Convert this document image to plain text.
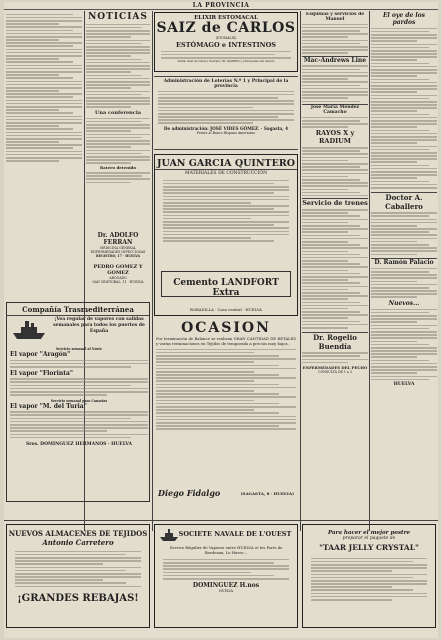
LA PROVINCIA
Dr. ADOLFO FERRAN
MEDICINA GENERAL
ENFERMEDADES INFECCIOSAS
REGISTRO, 17 · HUELVA
PEDRO GOMEZ Y GOMEZ
ABOGADO
SAN CRISTOBAL, 11 · HUELVA
Compañía Trasmediterránea
¡Vea regular de vapores con salidas semanales para todos los puertos de España
Servicio semanal al Norte
El vapor "Aragón"
El vapor "Florinta"
Servicio semanal para Canarias
El vapor "M. del Turia"
Sres. DOMINGUEZ HERMANOS · HUELVA
NOTICIAS
Una conferencia
Ratero detenido
ELIXIR ESTOMACAL
SAIZ de CARLOS
(STOMALIX)
ESTÓMAGO e INTESTINOS
Venta: Saiz de Carlos, Serrano 30, MADRID y principales del mundo
Administración de Loterías N.º 1 y Principal de la provincia
De administración: JOSÉ VIDES GÓMEZ. · Sagasta, 4
Frente al Banco Hispano Americano
JUAN GARCIA QUINTERO
MATERIALES DE CONSTRUCCIÓN
Cemento LANDFORT Extra
BOBADILLA · Casa central · HUELVA
OCASION
Por terminación de Balance se realizan GRAN CANTIDAD DE RETALES y varias terminaciones en Tejidos de temporada a precios muy bajos.
Diego Fidalgo	(SAGASTA, 8 · HUELVA)
Esquinas y servicios de Manuel
Mac-Andrews Line
José María Méndez Camacho
RAYOS X y RADIUM
Servicio de trenes
Dr. Rogelio Buendía
ENFERMEDADES DEL PECHO
CONSULTA DE 1 a 3
El oye de los pardos
Doctor A. Caballero
D. Ramón Palacio
Nuevos...
HUELVA
NUEVOS ALMACENES DE TEJIDOS
Antonio Carretero
¡GRANDES REBAJAS!
SOCIETE NAVALE DE L'OUEST
Service Régulier de Vapeurs entre HUELVA et les Ports de Bordeaux, Le Havre...
DOMINGUEZ H.nos
HUELVA
Para hacer el mejor postre
preparar el paquete de
"TAAR JELLY CRYSTAL"
